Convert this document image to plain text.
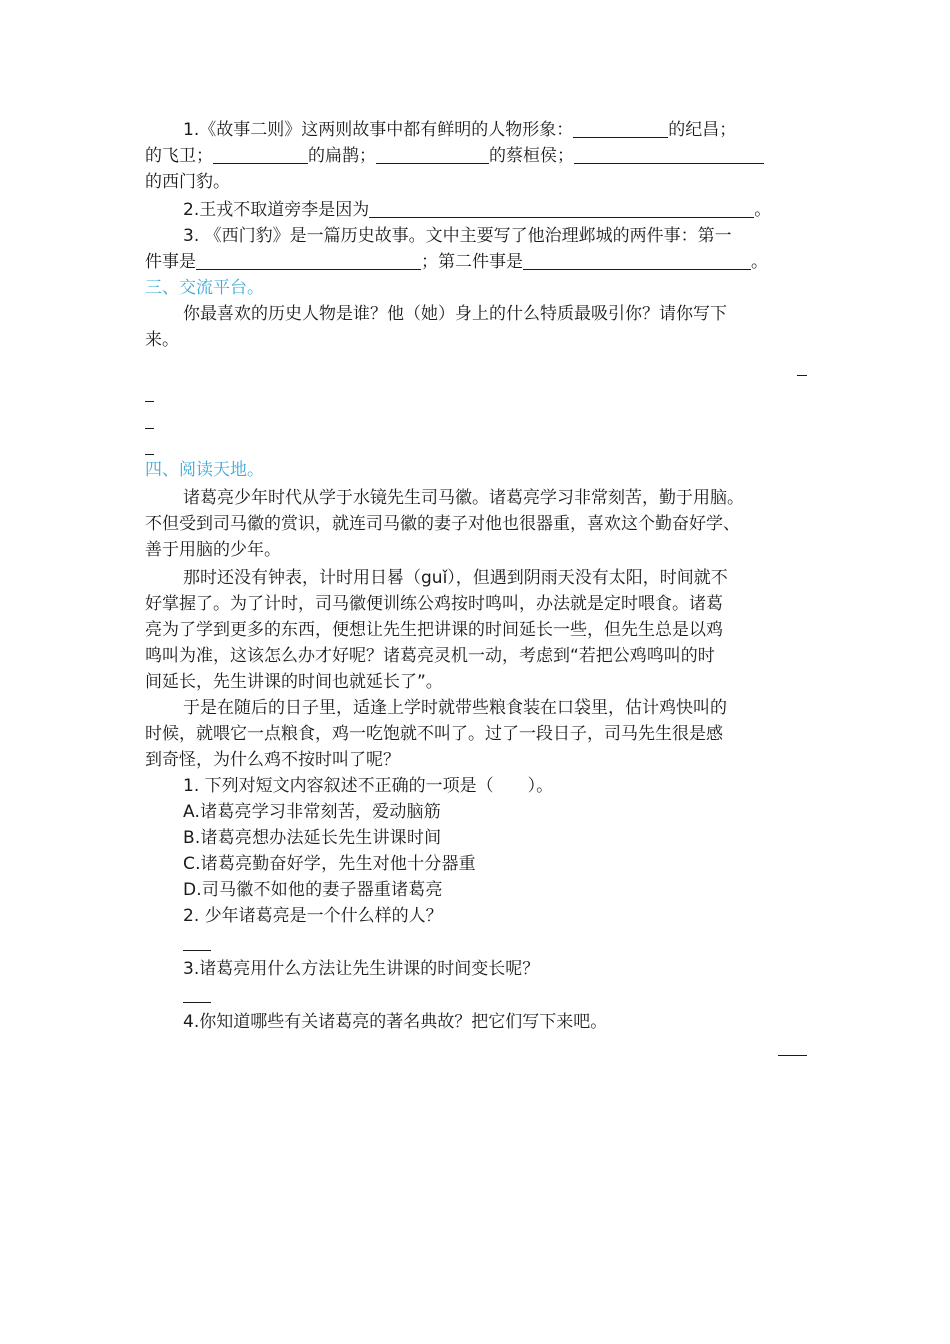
1.《故事二则》这两则故事中都有鲜明的人物形象：	的纪昌；
的飞卫；	的扁鹊；	的蔡桓侯；
的西门豹。
2.王戎不取道旁李是因为	。
3. 《西门豹》是一篇历史故事。文中主要写了他治理邺城的两件事：第一
件事是	；第二件事是	。
三、交流平台。
你最喜欢的历史人物是谁？他（她）身上的什么特质最吸引你？请你写下
来。
四、阅读天地。
诸葛亮少年时代从学于水镜先生司马徽。诸葛亮学习非常刻苦，勤于用脑。
不但受到司马徽的赏识，就连司马徽的妻子对他也很器重，喜欢这个勤奋好学、
善于用脑的少年。
那时还没有钟表，计时用日晷（guǐ），但遇到阴雨天没有太阳，时间就不
好掌握了。为了计时，司马徽便训练公鸡按时鸣叫，办法就是定时喂食。诸葛
亮为了学到更多的东西，便想让先生把讲课的时间延长一些，但先生总是以鸡
鸣叫为准，这该怎么办才好呢？诸葛亮灵机一动，考虑到“若把公鸡鸣叫的时
间延长，先生讲课的时间也就延长了”。
于是在随后的日子里，适逢上学时就带些粮食装在口袋里，估计鸡快叫的
时候，就喂它一点粮食，鸡一吃饱就不叫了。过了一段日子，司马先生很是感
到奇怪，为什么鸡不按时叫了呢？
1. 下列对短文内容叙述不正确的一项是（　　）。
A.诸葛亮学习非常刻苦，爱动脑筋
B.诸葛亮想办法延长先生讲课时间
C.诸葛亮勤奋好学，先生对他十分器重
D.司马徽不如他的妻子器重诸葛亮
2. 少年诸葛亮是一个什么样的人？
3.诸葛亮用什么方法让先生讲课的时间变长呢？
4.你知道哪些有关诸葛亮的著名典故？把它们写下来吧。
